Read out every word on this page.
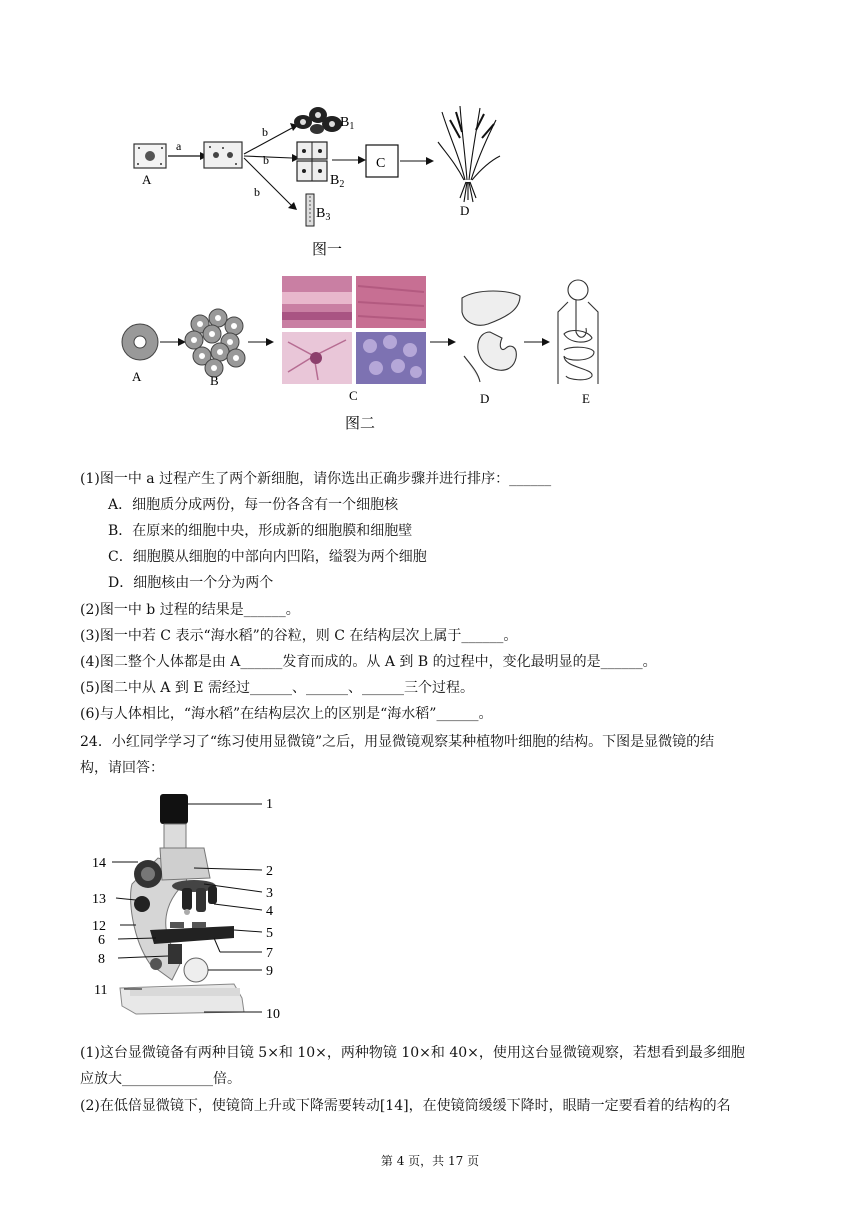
A
a
b
b
b
$B_1$
$B_2$
$B_3$
C
D
图一
A	B
C	D	E
图二
(1)图一中 a 过程产生了两个新细胞，请你选出正确步骤并进行排序：______
A．细胞质分成两份，每一份各含有一个细胞核
B．在原来的细胞中央，形成新的细胞膜和细胞壁
C．细胞膜从细胞的中部向内凹陷，缢裂为两个细胞
D．细胞核由一个分为两个
(2)图一中 b 过程的结果是______。
(3)图一中若 C 表示“海水稻”的谷粒，则 C 在结构层次上属于______。
(4)图二整个人体都是由 A______发育而成的。从 A 到 B 的过程中，变化最明显的是______。
(5)图二中从 A 到 E 需经过______、______、______三个过程。
(6)与人体相比，“海水稻”在结构层次上的区别是“海水稻”______。
24．小红同学学习了“练习使用显微镜”之后，用显微镜观察某种植物叶细胞的结构。下图是显微镜的结
构，请回答：
1
2
3
4
5
7
9
10
14
13
12
6
8
11
(1)这台显微镜备有两种目镜 5×和 10×，两种物镜 10×和 40×，使用这台显微镜观察，若想看到最多细胞
应放大_____________倍。
(2)在低倍显微镜下，使镜筒上升或下降需要转动[14]，在使镜筒缓缓下降时，眼睛一定要看着的结构的名
第 4 页，共 17 页
